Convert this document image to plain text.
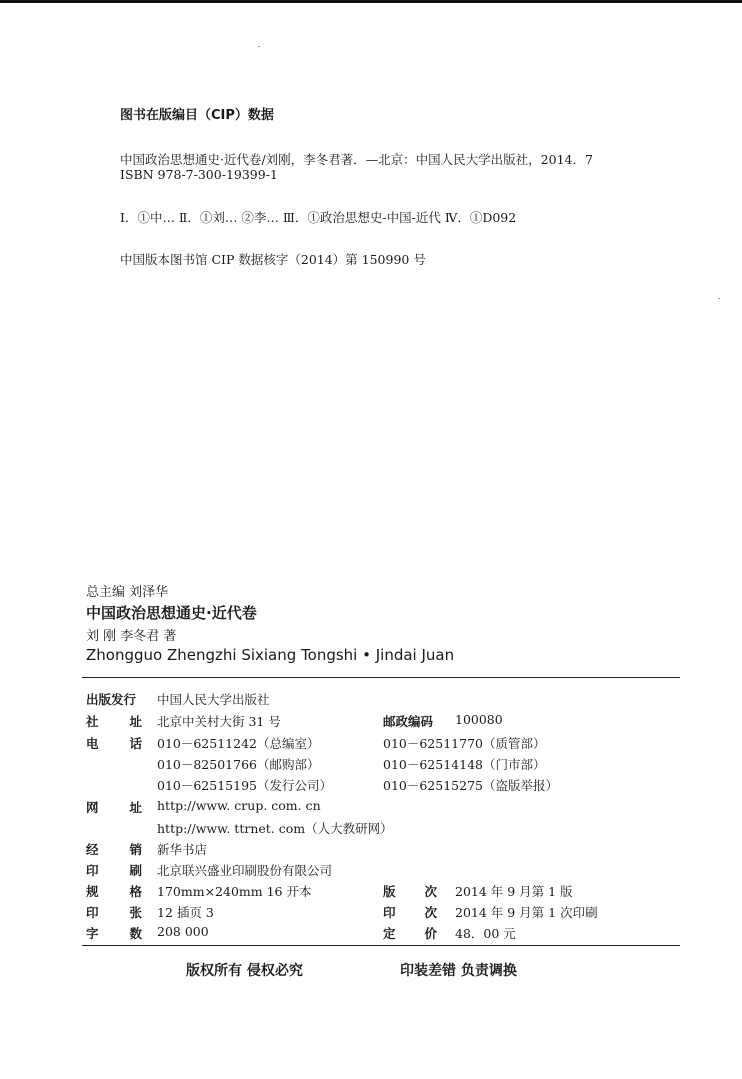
图书在版编目（CIP）数据
中国政治思想通史·近代卷/刘刚，李冬君著．—北京：中国人民大学出版社，2014．7
ISBN 978-7-300-19399-1
Ⅰ．①中… Ⅱ．①刘… ②李… Ⅲ．①政治思想史-中国-近代 Ⅳ．①D092
中国版本图书馆 CIP 数据核字（2014）第 150990 号
总主编 刘泽华
中国政治思想通史·近代卷
刘 刚 李冬君 著
Zhongguo Zhengzhi Sixiang Tongshi • Jindai Juan
出版发行 中国人民大学出版社
社 址 北京中关村大街 31 号	邮政编码 100080
电 话 010－62511242（总编室）	010－62511770（质管部）
010－82501766（邮购部）	010－62514148（门市部）
010－62515195（发行公司）	010－62515275（盗版举报）
网 址 http://www. crup. com. cn
http://www. ttrnet. com（人大教研网）
经 销 新华书店
印 刷 北京联兴盛业印刷股份有限公司
规 格 170mm×240mm 16 开本	版 次 2014 年 9 月第 1 版
印 张 12 插页 3	印 次 2014 年 9 月第 1 次印刷
字 数 208 000	定 价 48．00 元
版权所有 侵权必究	印装差错 负责调换
